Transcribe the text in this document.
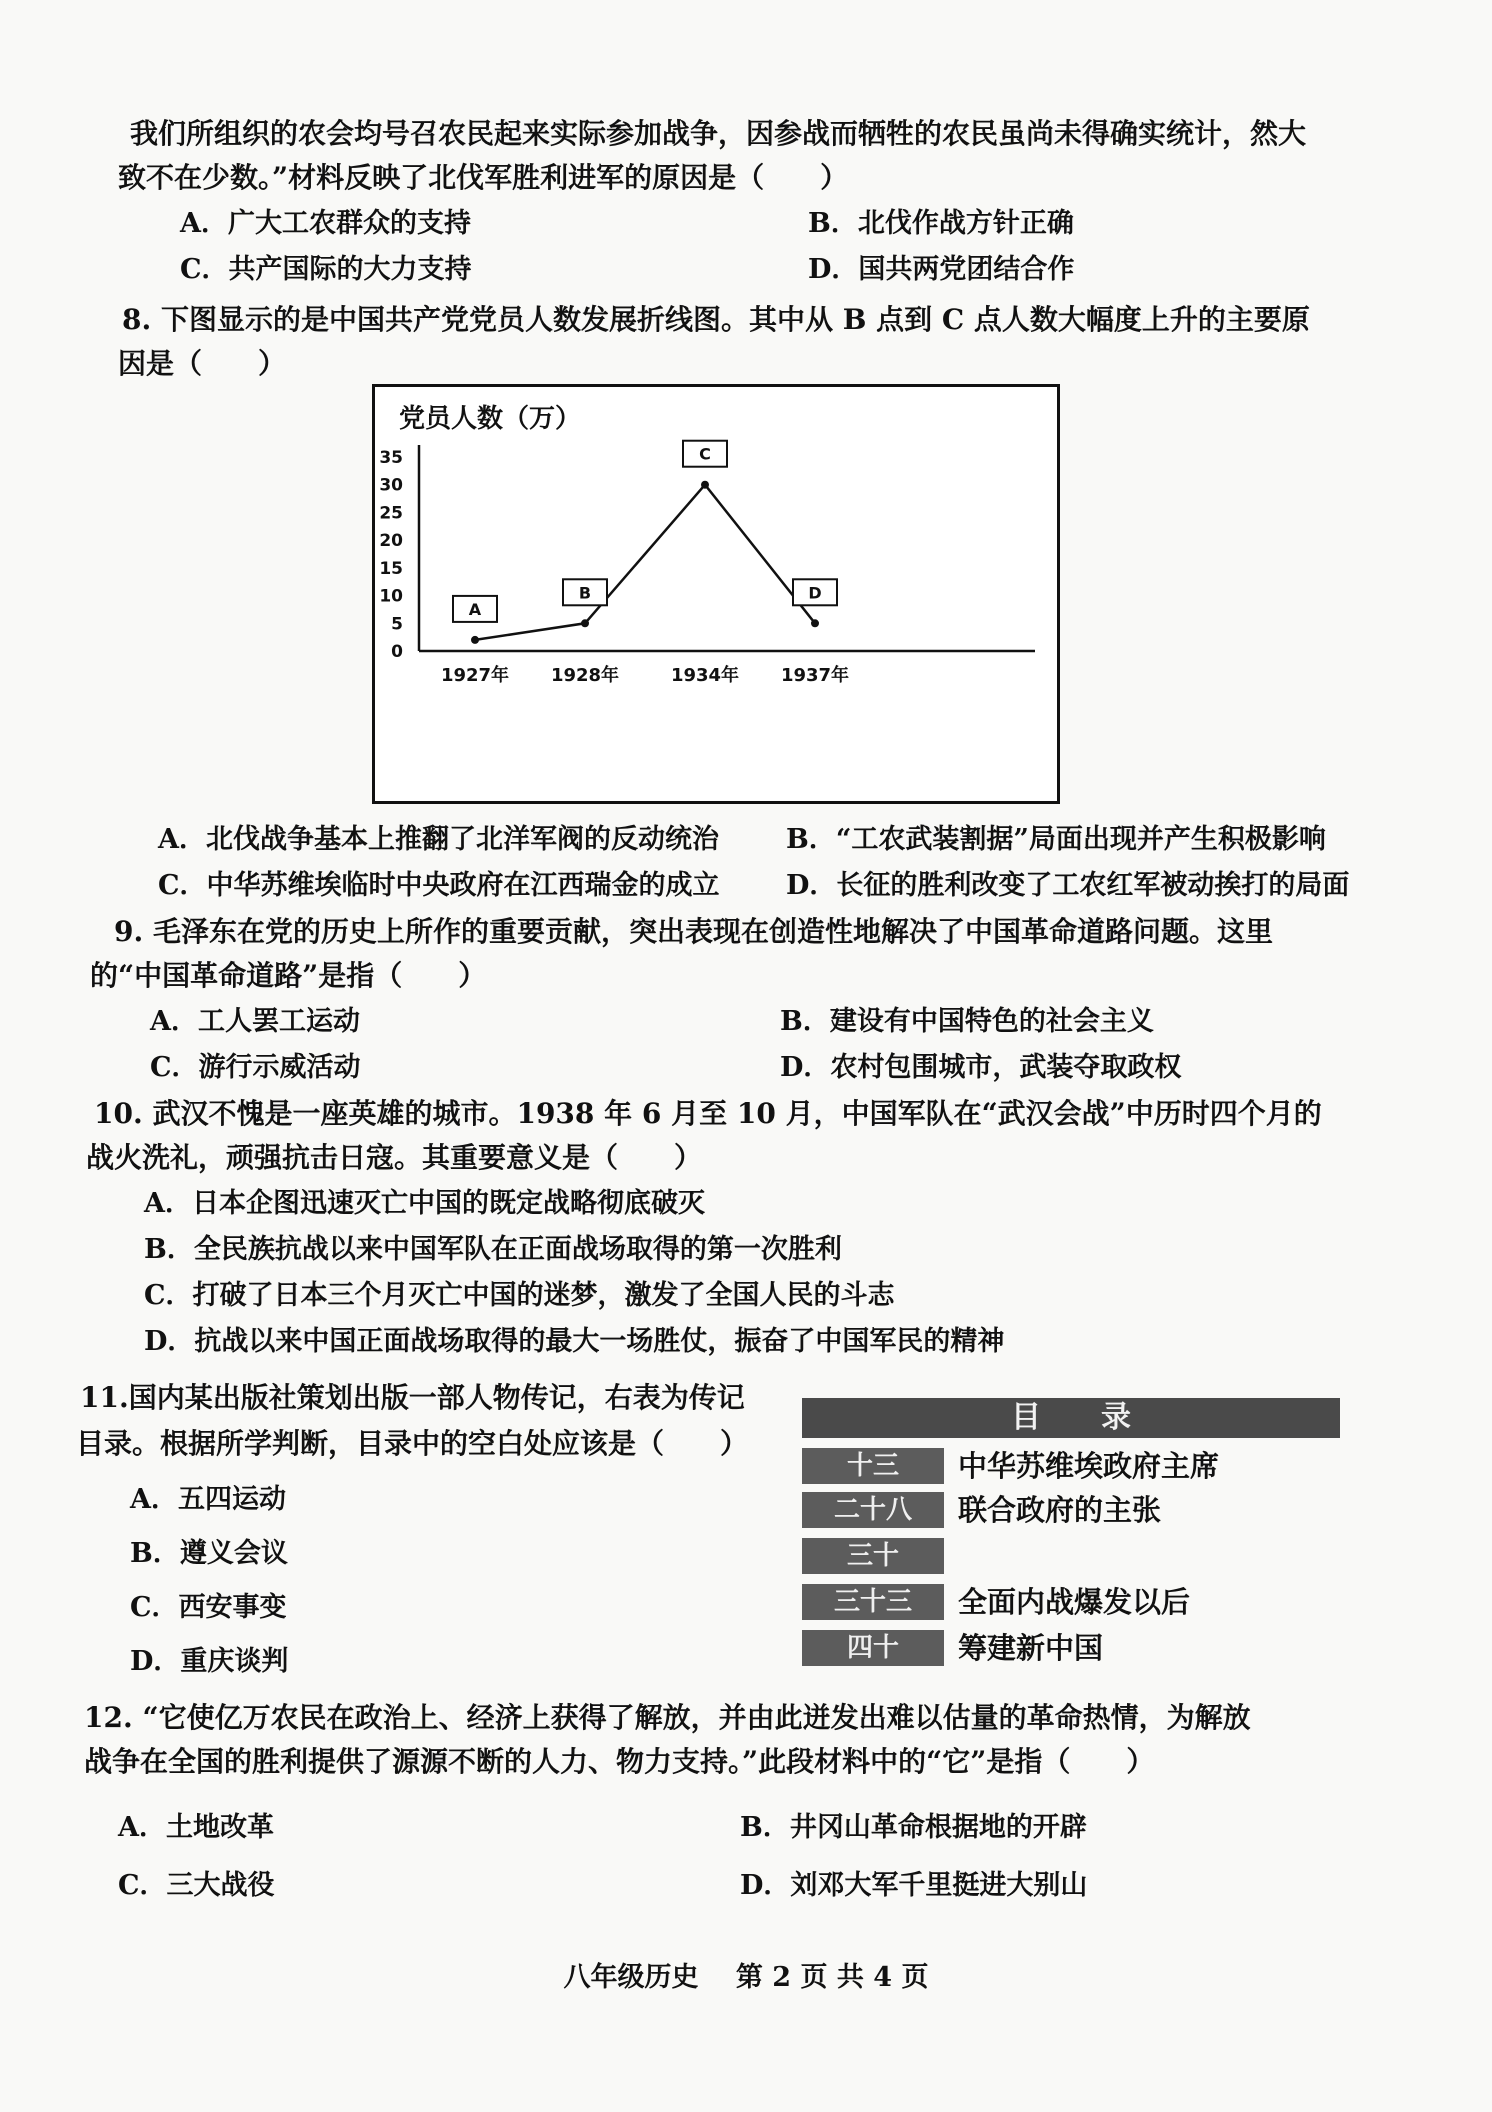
我们所组织的农会均号召农民起来实际参加战争，因参战而牺牲的农民虽尚未得确实统计，然大
致不在少数。”材料反映了北伐军胜利进军的原因是（　　）
A．广大工农群众的支持	B．北伐作战方针正确
C．共产国际的大力支持	D．国共两党团结合作
8. 下图显示的是中国共产党党员人数发展折线图。其中从 B 点到 C 点人数大幅度上升的主要原
因是（　　）
党员人数（万）
35
30
25
20
15
10
5
0
1927年 1928年	1934年 1937年
A
B
C
D
A．北伐战争基本上推翻了北洋军阀的反动统治 B．“工农武装割据”局面出现并产生积极影响
C．中华苏维埃临时中央政府在江西瑞金的成立 D．长征的胜利改变了工农红军被动挨打的局面
9. 毛泽东在党的历史上所作的重要贡献，突出表现在创造性地解决了中国革命道路问题。这里
的“中国革命道路”是指（　　）
A．工人罢工运动	B．建设有中国特色的社会主义
C．游行示威活动	D．农村包围城市，武装夺取政权
10. 武汉不愧是一座英雄的城市。1938 年 6 月至 10 月，中国军队在“武汉会战”中历时四个月的
战火洗礼，顽强抗击日寇。其重要意义是（　　）
A．日本企图迅速灭亡中国的既定战略彻底破灭
B．全民族抗战以来中国军队在正面战场取得的第一次胜利
C．打破了日本三个月灭亡中国的迷梦，激发了全国人民的斗志
D．抗战以来中国正面战场取得的最大一场胜仗，振奋了中国军民的精神
11.国内某出版社策划出版一部人物传记，右表为传记
目录。根据所学判断，目录中的空白处应该是（　　）
A．五四运动
B．遵义会议
C．西安事变
D．重庆谈判
目录
十三	中华苏维埃政府主席
二十八	联合政府的主张
三十
三十三	全面内战爆发以后
四十	筹建新中国
12. “它使亿万农民在政治上、经济上获得了解放，并由此迸发出难以估量的革命热情，为解放
战争在全国的胜利提供了源源不断的人力、物力支持。”此段材料中的“它”是指（　　）
A．土地改革	B．井冈山革命根据地的开辟
C．三大战役	D．刘邓大军千里挺进大别山
八年级历史 第 2 页 共 4 页
